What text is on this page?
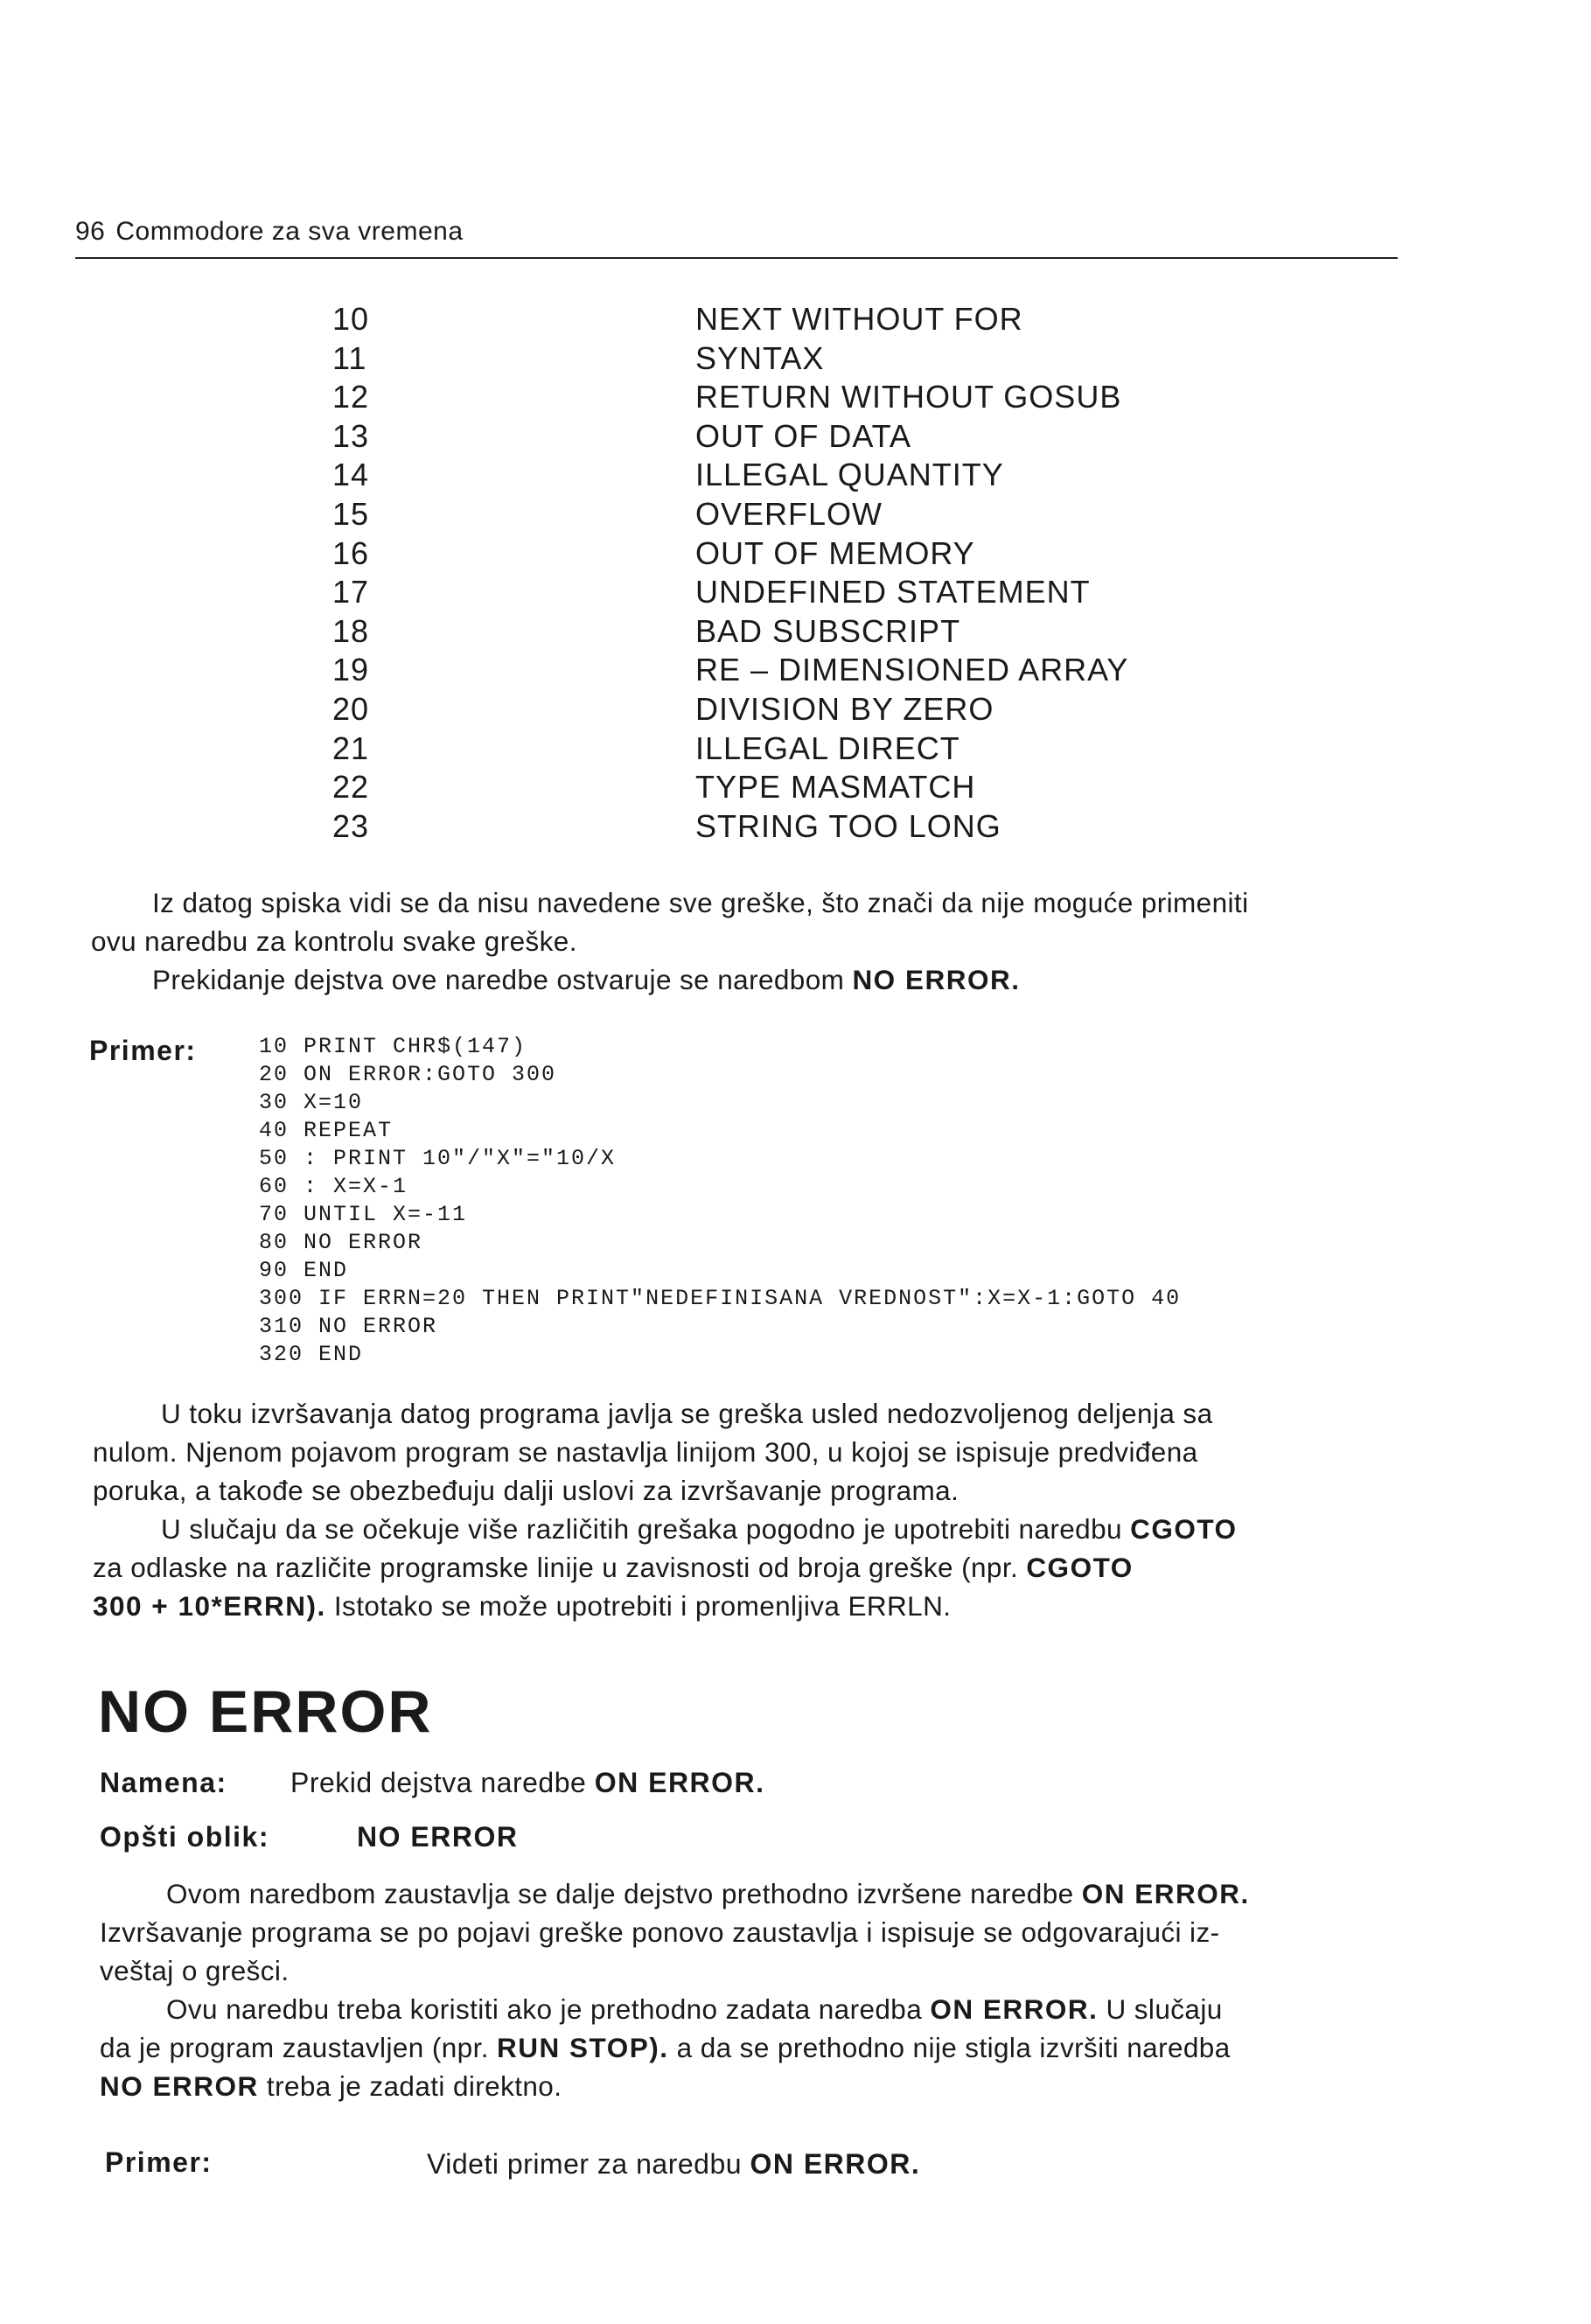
96 Commodore za sva vremena
10	NEXT WITHOUT FOR
11	SYNTAX
12	RETURN WITHOUT GOSUB
13	OUT OF DATA
14	ILLEGAL QUANTITY
15	OVERFLOW
16	OUT OF MEMORY
17	UNDEFINED STATEMENT
18	BAD SUBSCRIPT
19	RE – DIMENSIONED ARRAY
20	DIVISION BY ZERO
21	ILLEGAL DIRECT
22	TYPE MASMATCH
23	STRING TOO LONG
Iz datog spiska vidi se da nisu navedene sve greške, što znači da nije moguće primeniti
ovu naredbu za kontrolu svake greške.
Prekidanje dejstva ove naredbe ostvaruje se naredbom NO ERROR.
Primer:	10 PRINT CHR$(147)
20 ON ERROR:GOTO 300
30 X=10
40 REPEAT
50 : PRINT 10"/"X"="10/X
60 : X=X-1
70 UNTIL X=-11
80 NO ERROR
90 END
300 IF ERRN=20 THEN PRINT"NEDEFINISANA VREDNOST":X=X-1:GOTO 40
310 NO ERROR
320 END
U toku izvršavanja datog programa javlja se greška usled nedozvoljenog deljenja sa
nulom. Njenom pojavom program se nastavlja linijom 300, u kojoj se ispisuje predviđena
poruka, a takođe se obezbeđuju dalji uslovi za izvršavanje programa.
U slučaju da se očekuje više različitih grešaka pogodno je upotrebiti naredbu CGOTO
za odlaske na različite programske linije u zavisnosti od broja greške (npr. CGOTO
300 + 10*ERRN). Istotako se može upotrebiti i promenljiva ERRLN.
NO ERROR
Namena: Prekid dejstva naredbe ON ERROR.
Opšti oblik:	NO ERROR
Ovom naredbom zaustavlja se dalje dejstvo prethodno izvršene naredbe ON ERROR.
Izvršavanje programa se po pojavi greške ponovo zaustavlja i ispisuje se odgovarajući iz-
veštaj o grešci.
Ovu naredbu treba koristiti ako je prethodno zadata naredba ON ERROR. U slučaju
da je program zaustavljen (npr. RUN STOP). a da se prethodno nije stigla izvršiti naredba
NO ERROR treba je zadati direktno.
Primer:	Videti primer za naredbu ON ERROR.
